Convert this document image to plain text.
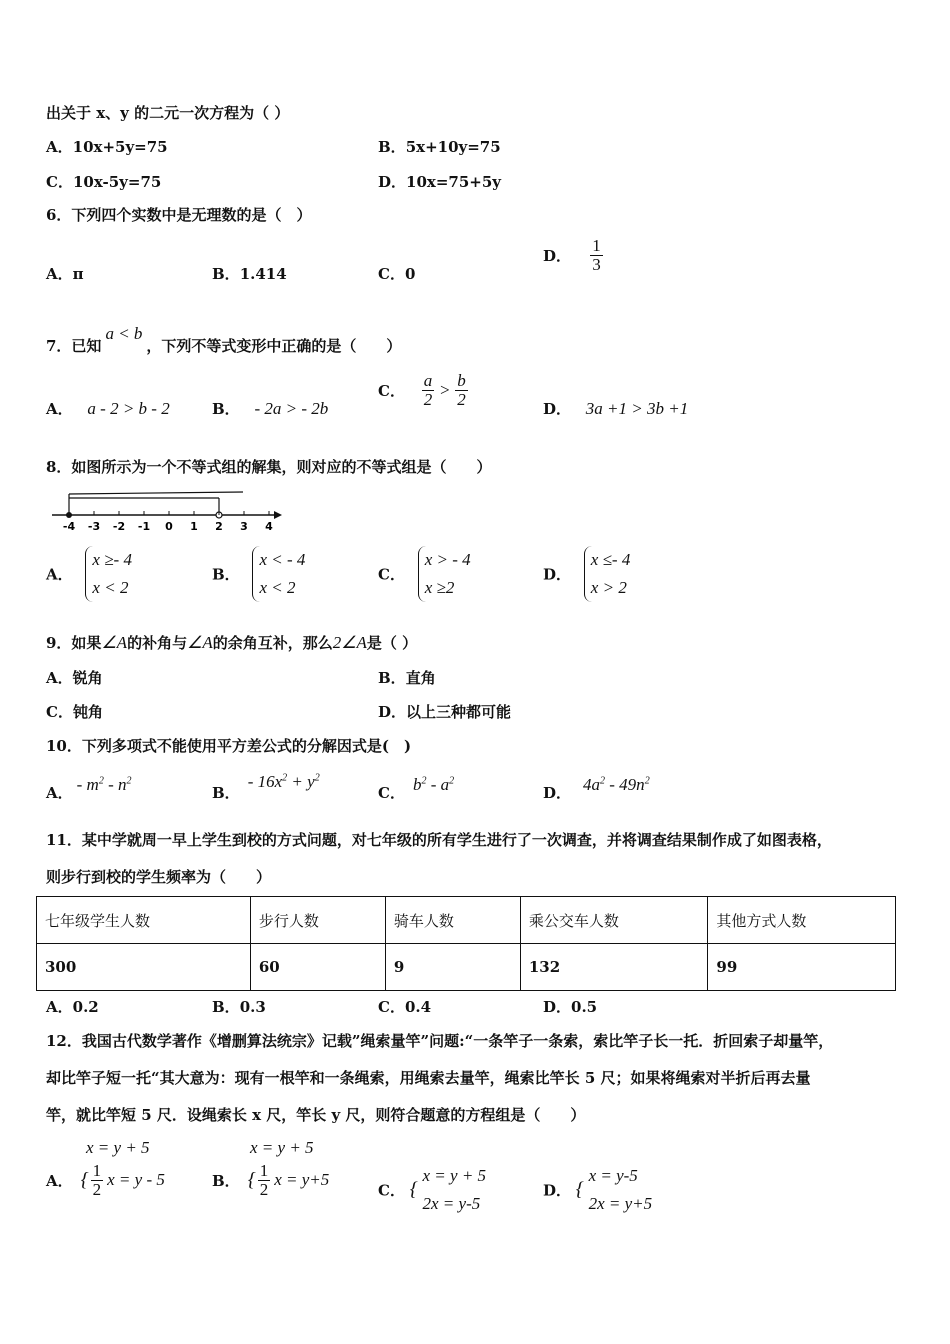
出关于 x、y 的二元一次方程为（ ）
A．10x+5y=75	B．5x+10y=75
C．10x-5y=75	D．10x=75+5y
6．下列四个实数中是无理数的是（　）
A．π	B．1.414	C．0
D． $\frac{1}{3}$
7．已知a < b，下列不等式变形中正确的是（　　）
A． a - 2 > b - 2	B． - 2a > - 2b
C． $\frac{a}{2} > \frac{b}{2}$
D． 3a +1 > 3b +1
8．如图所示为一个不等式组的解集，则对应的不等式组是（　　）
-4 -3 -2 -1 0 1 2 3 4
A． x ≥- 4
x < 2
B． x < - 4
x < 2
C． x > - 4
x ≥2
D． x ≤- 4
x > 2
9．如果∠A的补角与∠A的余角互补，那么2∠A是（ ）
A．锐角	B．直角
C．钝角	D．以上三种都可能
10．下列多项式不能使用平方差公式的分解因式是(　)
A． - $m^2 - n^2$
B．- $16x^2 + y^2$
C． $b^2 - a^2$
D． $4a^2 - 49n^2$
11．某中学就周一早上学生到校的方式问题，对七年级的所有学生进行了一次调查，并将调查结果制作成了如图表格，
则步行到校的学生频率为（　　）
七年级学生人数	步行人数	骑车人数	乘公交车人数	其他方式人数
300	60	9	132	99
A．0.2	B．0.3	C．0.4	D．0.5
12．我国古代数学著作《增删算法统宗》记载”绳索量竿”问题:“一条竿子一条索，索比竿子长一托．折回索子却量竿，
却比竿子短一托“其大意为：现有一根竿和一条绳索，用绳索去量竿，绳索比竿长 5 尺；如果将绳索对半折后再去量
竿，就比竿短 5 尺．设绳索长 x 尺，竿长 y 尺，则符合题意的方程组是（　　）
x = y + 5
A． { $\frac{1}{2}$ x = y - 5
x = y + 5
B． { $\frac{1}{2}$ x = y+5
C． { x = y + 5
2x = y-5
D． { x = y-5
2x = y+5
